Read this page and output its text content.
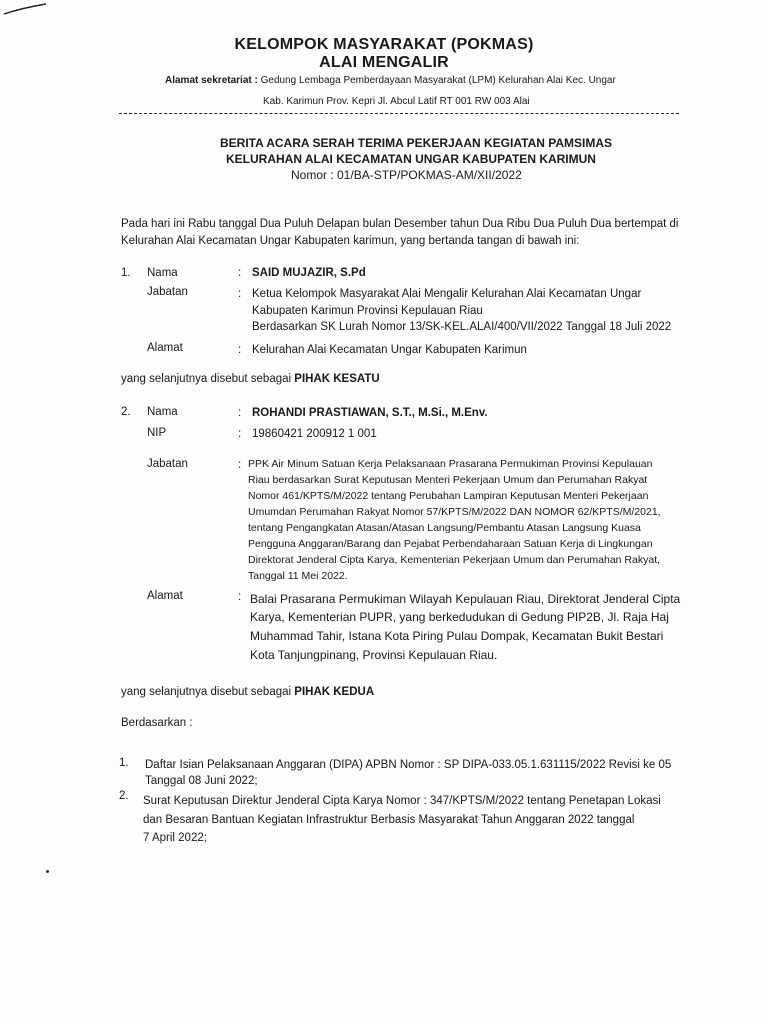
KELOMPOK MASYARAKAT (POKMAS)
ALAI MENGALIR
Alamat sekretariat : Gedung Lembaga Pemberdayaan Masyarakat (LPM) Kelurahan Alai Kec. Ungar
Kab. Karimun Prov. Kepri Jl. Abcul Latif RT 001 RW 003 Alai
BERITA ACARA SERAH TERIMA PEKERJAAN KEGIATAN PAMSIMAS
KELURAHAN ALAI KECAMATAN UNGAR KABUPATEN KARIMUN
Nomor : 01/BA-STP/POKMAS-AM/XII/2022
Pada hari ini Rabu tanggal Dua Puluh Delapan bulan Desember tahun Dua Ribu Dua Puluh Dua bertempat di
Kelurahan Alai Kecamatan Ungar Kabupaten karimun, yang bertanda tangan di bawah ini:
1. Nama	: SAID MUJAZIR, S.Pd
Jabatan	: Ketua Kelompok Masyarakat Alai Mengalir Kelurahan Alai Kecamatan Ungar
Kabupaten Karimun Provinsi Kepulauan Riau
Berdasarkan SK Lurah Nomor 13/SK-KEL.ALAI/400/VII/2022 Tanggal 18 Juli 2022
Alamat	: Kelurahan Alai Kecamatan Ungar Kabupaten Karimun
yang selanjutnya disebut sebagai PIHAK KESATU
2. Nama	: ROHANDI PRASTIAWAN, S.T., M.Si., M.Env.
NIP	: 19860421 200912 1 001
Jabatan	: PPK Air Minum Satuan Kerja Pelaksanaan Prasarana Permukiman Provinsi Kepulauan
Riau berdasarkan Surat Keputusan Menteri Pekerjaan Umum dan Perumahan Rakyat
Nomor 461/KPTS/M/2022 tentang Perubahan Lampiran Keputusan Menteri Pekerjaan
Umumdan Perumahan Rakyat Nomor 57/KPTS/M/2022 DAN NOMOR 62/KPTS/M/2021,
tentang Pengangkatan Atasan/Atasan Langsung/Pembantu Atasan Langsung Kuasa
Pengguna Anggaran/Barang dan Pejabat Perbendaharaan Satuan Kerja di Lingkungan
Direktorat Jenderal Cipta Karya, Kementerian Pekerjaan Umum dan Perumahan Rakyat,
Tanggal 11 Mei 2022.
Alamat	: Balai Prasarana Permukiman Wilayah Kepulauan Riau, Direktorat Jenderal Cipta
Karya, Kementerian PUPR, yang berkedudukan di Gedung PIP2B, Jl. Raja Haj
Muhammad Tahir, Istana Kota Piring Pulau Dompak, Kecamatan Bukit Bestari
Kota Tanjungpinang, Provinsi Kepulauan Riau.
yang selanjutnya disebut sebagai PIHAK KEDUA
Berdasarkan :
1. Daftar Isian Pelaksanaan Anggaran (DIPA) APBN Nomor : SP DIPA-033.05.1.631115/2022 Revisi ke 05
Tanggal 08 Juni 2022;
2. Surat Keputusan Direktur Jenderal Cipta Karya Nomor : 347/KPTS/M/2022 tentang Penetapan Lokasi
dan Besaran Bantuan Kegiatan Infrastruktur Berbasis Masyarakat Tahun Anggaran 2022 tanggal
7 April 2022;
